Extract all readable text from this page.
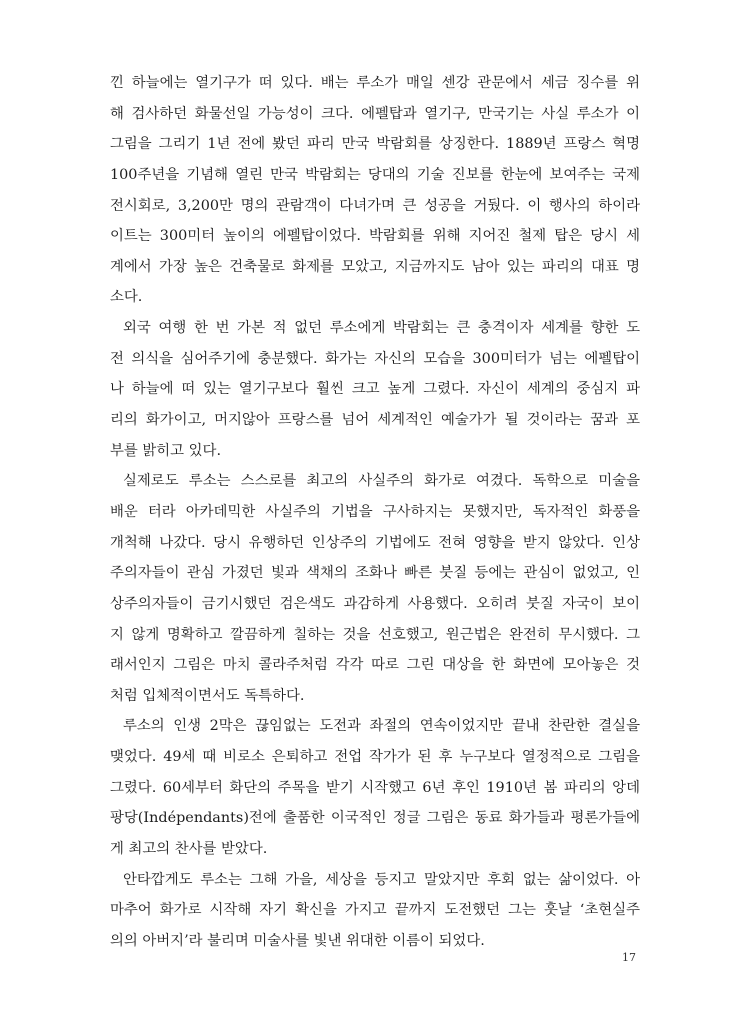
낀 하늘에는 열기구가 떠 있다. 배는 루소가 매일 센강 관문에서 세금 징수를 위
해 검사하던 화물선일 가능성이 크다. 에펠탑과 열기구, 만국기는 사실 루소가 이
그림을 그리기 1년 전에 봤던 파리 만국 박람회를 상징한다. 1889년 프랑스 혁명
100주년을 기념해 열린 만국 박람회는 당대의 기술 진보를 한눈에 보여주는 국제
전시회로, 3,200만 명의 관람객이 다녀가며 큰 성공을 거뒀다. 이 행사의 하이라
이트는 300미터 높이의 에펠탑이었다. 박람회를 위해 지어진 철제 탑은 당시 세
계에서 가장 높은 건축물로 화제를 모았고, 지금까지도 남아 있는 파리의 대표 명
소다.
외국 여행 한 번 가본 적 없던 루소에게 박람회는 큰 충격이자 세계를 향한 도
전 의식을 심어주기에 충분했다. 화가는 자신의 모습을 300미터가 넘는 에펠탑이
나 하늘에 떠 있는 열기구보다 훨씬 크고 높게 그렸다. 자신이 세계의 중심지 파
리의 화가이고, 머지않아 프랑스를 넘어 세계적인 예술가가 될 것이라는 꿈과 포
부를 밝히고 있다.
실제로도 루소는 스스로를 최고의 사실주의 화가로 여겼다. 독학으로 미술을
배운 터라 아카데믹한 사실주의 기법을 구사하지는 못했지만, 독자적인 화풍을
개척해 나갔다. 당시 유행하던 인상주의 기법에도 전혀 영향을 받지 않았다. 인상
주의자들이 관심 가졌던 빛과 색채의 조화나 빠른 붓질 등에는 관심이 없었고, 인
상주의자들이 금기시했던 검은색도 과감하게 사용했다. 오히려 붓질 자국이 보이
지 않게 명확하고 깔끔하게 칠하는 것을 선호했고, 원근법은 완전히 무시했다. 그
래서인지 그림은 마치 콜라주처럼 각각 따로 그린 대상을 한 화면에 모아놓은 것
처럼 입체적이면서도 독특하다.
루소의 인생 2막은 끊임없는 도전과 좌절의 연속이었지만 끝내 찬란한 결실을
맺었다. 49세 때 비로소 은퇴하고 전업 작가가 된 후 누구보다 열정적으로 그림을
그렸다. 60세부터 화단의 주목을 받기 시작했고 6년 후인 1910년 봄 파리의 앙데
팡당(Indépendants)전에 출품한 이국적인 정글 그림은 동료 화가들과 평론가들에
게 최고의 찬사를 받았다.
안타깝게도 루소는 그해 가을, 세상을 등지고 말았지만 후회 없는 삶이었다. 아
마추어 화가로 시작해 자기 확신을 가지고 끝까지 도전했던 그는 훗날 ‘초현실주
의의 아버지’라 불리며 미술사를 빛낸 위대한 이름이 되었다.
17
